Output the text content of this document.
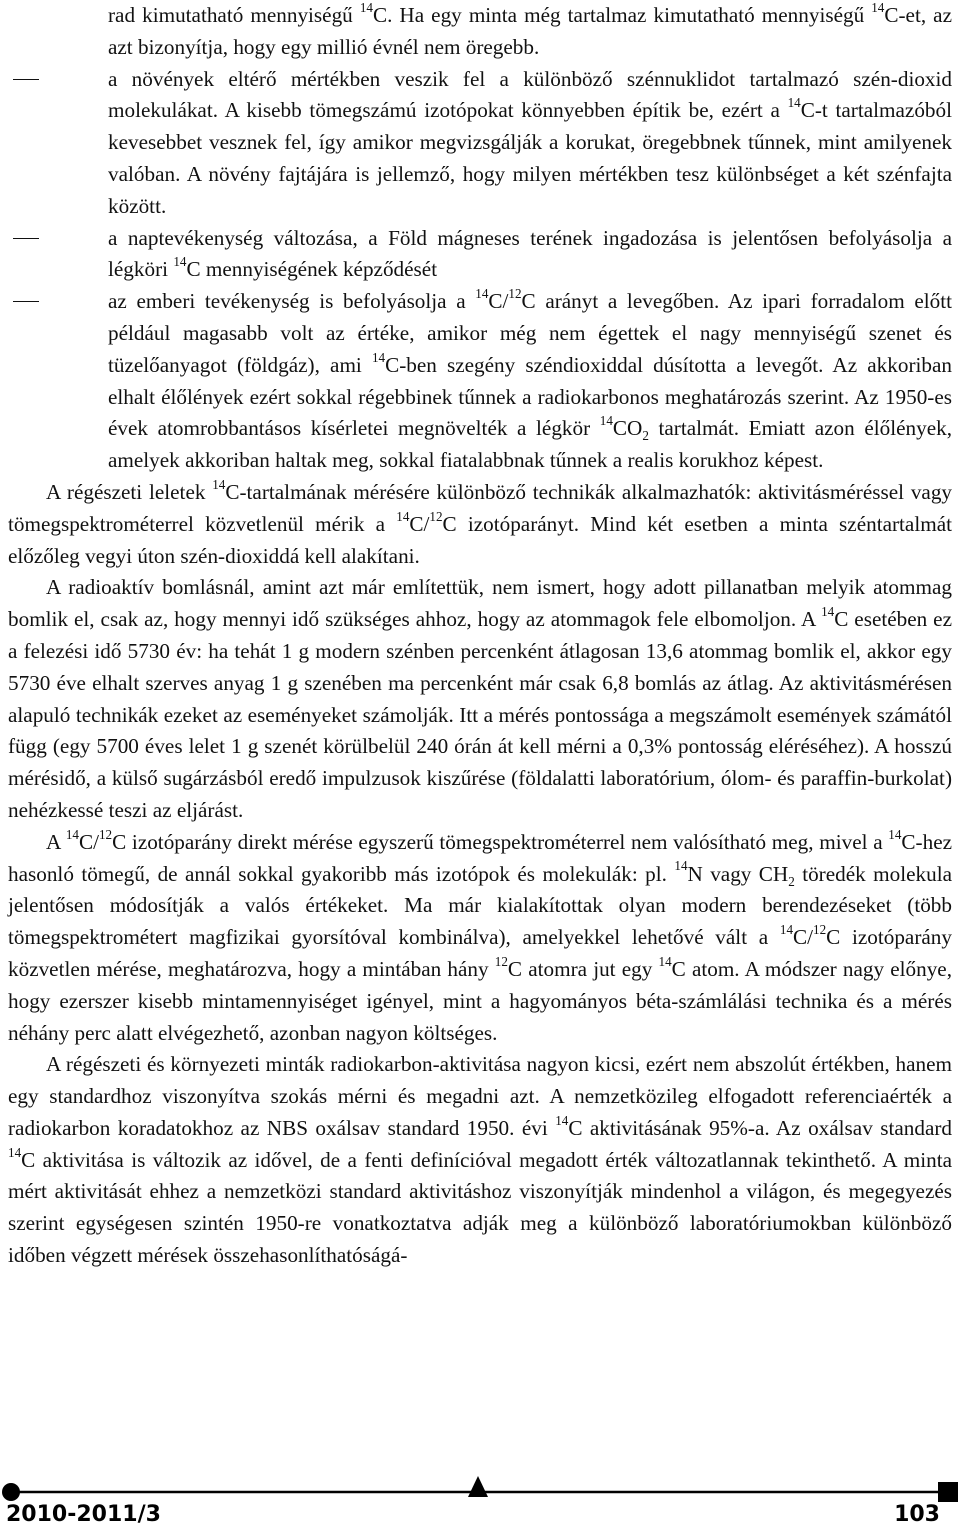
rad kimutatható mennyiségű $^{14}$C. Ha egy minta még tartalmaz kimutatható mennyiségű $^{14}$C-et, az azt bizonyítja, hogy egy millió évnél nem öregebb.

a növények eltérő mértékben veszik fel a különböző szénnuklidot tartalmazó szén-dioxid molekulákat. A kisebb tömegszámú izotópokat könnyebben építik be, ezért a $^{14}$C-t tartalmazóból kevesebbet vesznek fel, így amikor megvizsgálják a korukat, öregebbnek tűnnek, mint amilyenek valóban. A növény fajtájára is jellemző, hogy milyen mértékben tesz különbséget a két szénfajta között.

a naptevékenység változása, a Föld mágneses terének ingadozása is jelentősen befolyásolja a légköri $^{14}$C mennyiségének képződését

az emberi tevékenység is befolyásolja a $^{14}$C/$^{12}$C arányt a levegőben. Az ipari forradalom előtt például magasabb volt az értéke, amikor még nem égettek el nagy mennyiségű szenet és tüzelőanyagot (földgáz), ami $^{14}$C-ben szegény széndioxiddal dúsította a levegőt. Az akkoriban elhalt élőlények ezért sokkal régebbinek tűnnek a radiokarbonos meghatározás szerint. Az 1950-es évek atomrobbantásos kísérletei megnövelték a légkör $^{14}CO_2$ tartalmát. Emiatt azon élőlények, amelyek akkoriban haltak meg, sokkal fiatalabbnak tűnnek a realis korukhoz képest.

A régészeti leletek $^{14}$C-tartalmának mérésére különböző technikák alkalmazhatók: aktivitásméréssel vagy tömegspektrométerrel közvetlenül mérik a $^{14}$C/$^{12}$C izotóparányt. Mind két esetben a minta széntartalmát előzőleg vegyi úton szén-dioxiddá kell alakítani.

A radioaktív bomlásnál, amint azt már említettük, nem ismert, hogy adott pillanatban melyik atommag bomlik el, csak az, hogy mennyi idő szükséges ahhoz, hogy az atommagok fele elbomoljon. A $^{14}$C esetében ez a felezési idő 5730 év: ha tehát 1 g modern szénben percenként átlagosan 13,6 atommag bomlik el, akkor egy 5730 éve elhalt szerves anyag 1 g szenében ma percenként már csak 6,8 bomlás az átlag. Az aktivitásmérésen alapuló technikák ezeket az eseményeket számolják. Itt a mérés pontossága a megszámolt események számától függ (egy 5700 éves lelet 1 g szenét körülbelül 240 órán át kell mérni a 0,3% pontosság eléréséhez). A hosszú mérésidő, a külső sugárzásból eredő impulzusok kiszűrése (földalatti laboratórium, ólom- és paraffin-burkolat) nehézkessé teszi az eljárást.

A $^{14}$C/$^{12}$C izotóparány direkt mérése egyszerű tömegspektrométerrel nem valósítható meg, mivel a $^{14}$C-hez hasonló tömegű, de annál sokkal gyakoribb más izotópok és molekulák: pl. $^{14}$N vagy $CH_2$ töredék molekula jelentősen módosítják a valós értékeket. Ma már kialakítottak olyan modern berendezéseket (több tömegspektrométert magfizikai gyorsítóval kombinálva), amelyekkel lehetővé vált a $^{14}$C/$^{12}$C izotóparány közvetlen mérése, meghatározva, hogy a mintában hány $^{12}$C atomra jut egy $^{14}$C atom. A módszer nagy előnye, hogy ezerszer kisebb mintamennyiséget igényel, mint a hagyományos béta-számlálási technika és a mérés néhány perc alatt elvégezhető, azonban nagyon költséges.

A régészeti és környezeti minták radiokarbon-aktivitása nagyon kicsi, ezért nem abszolút értékben, hanem egy standardhoz viszonyítva szokás mérni és megadni azt. A nemzetközileg elfogadott referenciaérték a radiokarbon koradatokhoz az NBS oxálsav standard 1950. évi $^{14}$C aktivitásának 95%-a. Az oxálsav standard $^{14}$C aktivitása is változik az idővel, de a fenti definícióval megadott érték változatlannak tekinthető. A minta mért aktivitását ehhez a nemzetközi standard aktivitáshoz viszonyítják mindenhol a világon, és megegyezés szerint egységesen szintén 1950-re vonatkoztatva adják meg a különböző laboratóriumokban különböző időben végzett mérések összehasonlíthatóságá-

2010-2011/3	103
